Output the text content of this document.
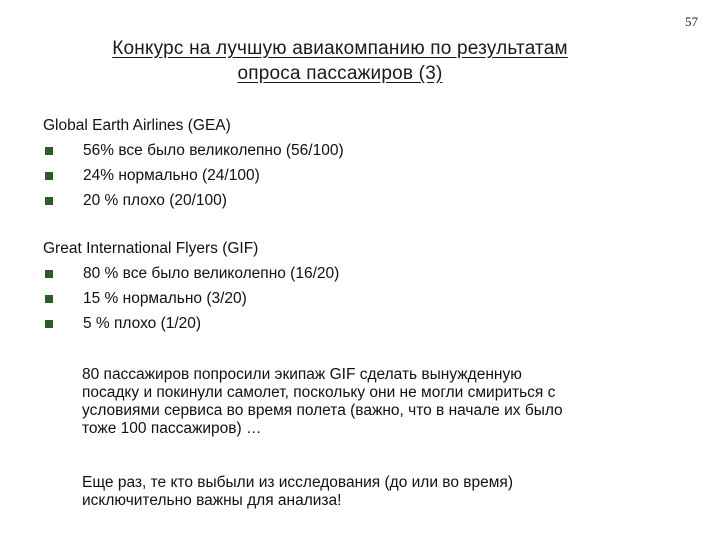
57
Конкурс на лучшую авиакомпанию по результатам
опроса пассажиров (3)
Global Earth Airlines (GEA)
56% все было великолепно (56/100)
24% нормально (24/100)
20 % плохо (20/100)
Great International Flyers (GIF)
80 % все было великолепно (16/20)
15 % нормально (3/20)
5 % плохо (1/20)
80 пассажиров попросили экипаж GIF сделать вынужденную
посадку и покинули самолет, поскольку они не могли смириться с
условиями сервиса во время полета (важно, что в начале их было
тоже 100 пассажиров) …
Еще раз, те кто выбыли из исследования (до или во время)
исключительно важны для анализа!
